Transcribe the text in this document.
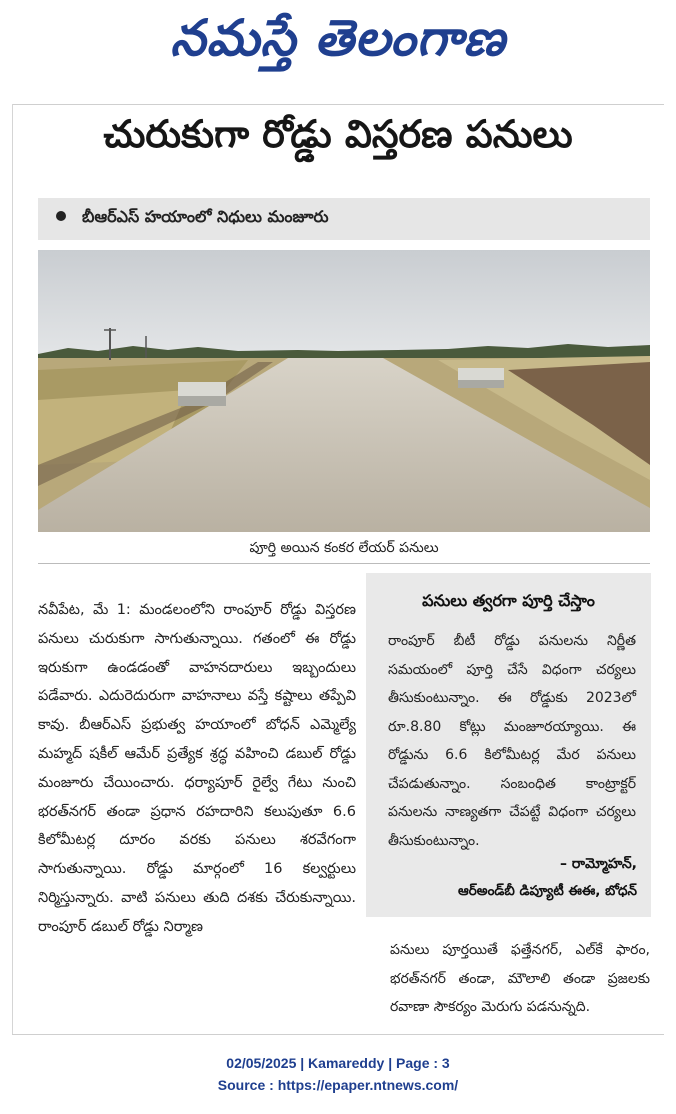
నమస్తే తెలంగాణ
చురుకుగా రోడ్డు విస్తరణ పనులు
బీఆర్ఎస్ హయాంలో నిధులు మంజూరు
పూర్తి అయిన కంకర లేయర్ పనులు

నవీపేట, మే 1: మండలంలోని రాంపూర్ రోడ్డు విస్తరణ పనులు చురుకుగా సాగుతున్నాయి. గతంలో ఈ రోడ్డు ఇరుకుగా ఉండడంతో వాహనదారులు ఇబ్బందులు పడేవారు. ఎదురెదురుగా వాహనాలు వస్తే కష్టాలు తప్పేవి కావు. బీఆర్ఎస్ ప్రభుత్వ హయాంలో బోధన్ ఎమ్మెల్యే మహ్మద్ షకీల్ ఆమేర్ ప్రత్యేక శ్రద్ధ వహించి డబుల్ రోడ్డు మంజూరు చేయించారు. ధర్యాపూర్ రైల్వే గేటు నుంచి భరత్‌నగర్ తండా ప్రధాన రహదారిని కలుపుతూ 6.6 కిలోమీటర్ల దూరం వరకు పనులు శరవేగంగా సాగుతున్నాయి. రోడ్డు మార్గంలో 16 కల్వర్టులు నిర్మిస్తున్నారు. వాటి పనులు తుది దశకు చేరుకున్నాయి. రాంపూర్ డబుల్ రోడ్డు నిర్మాణ

పనులు త్వరగా పూర్తి చేస్తాం

రాంపూర్ బీటీ రోడ్డు పనులను నిర్ణీత సమయంలో పూర్తి చేసే విధంగా చర్యలు తీసుకుంటున్నాం. ఈ రోడ్డుకు 2023లో రూ.8.80 కోట్లు మంజూరయ్యాయి. ఈ రోడ్డును 6.6 కిలోమీటర్ల మేర పనులు చేపడుతున్నాం. సంబంధిత కాంట్రాక్టర్ పనులను నాణ్యతగా చేపట్టే విధంగా చర్యలు తీసుకుంటున్నాం.

– రామ్మోహన్,
ఆర్అండ్‌బీ డిప్యూటీ ఈఈ, బోధన్

పనులు పూర్తయితే ఫత్తేనగర్, ఎల్‌కే ఫారం, భరత్‌నగర్ తండా, మౌలాలి తండా ప్రజలకు రవాణా సౌకర్యం మెరుగు పడనున్నది.

02/05/2025 | Kamareddy | Page : 3
Source : https://epaper.ntnews.com/
